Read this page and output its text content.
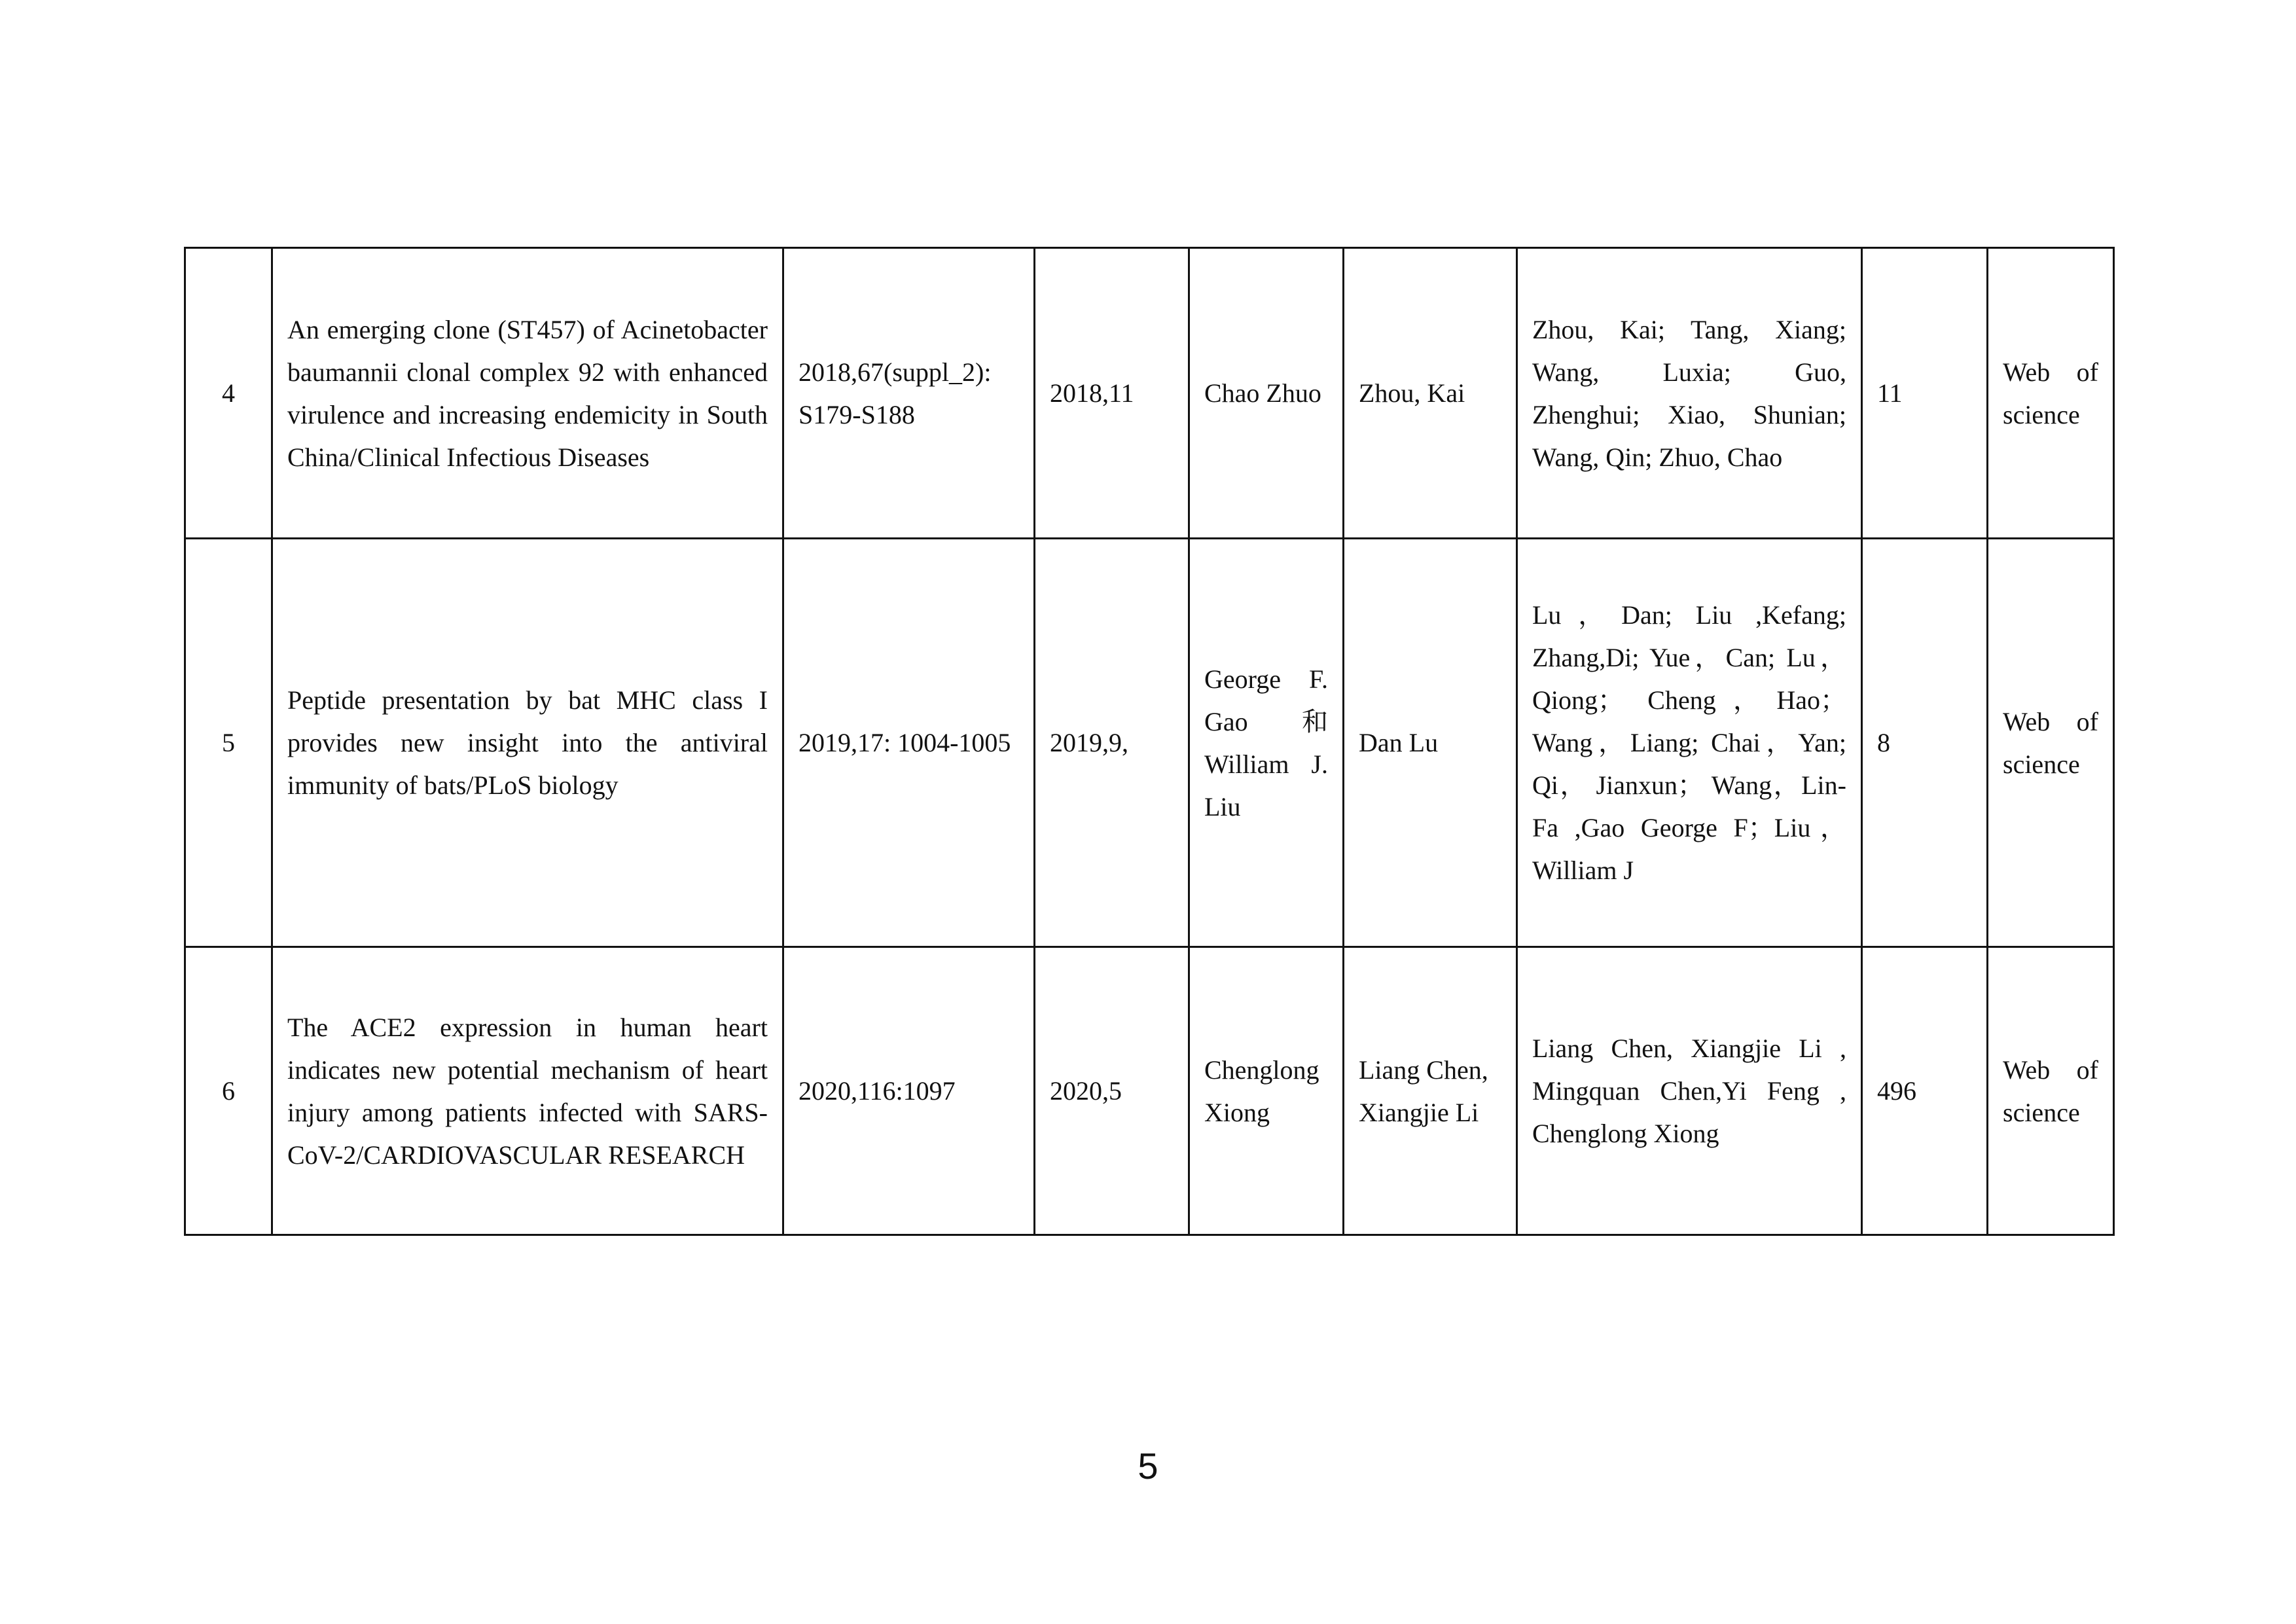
4	An emerging clone (ST457) of Acinetobacter baumannii clonal complex 92 with enhanced virulence and increasing endemicity in South China/Clinical Infectious Diseases	2018,67(suppl_2): S179-S188	2018,11	Chao Zhuo	Zhou, Kai	Zhou, Kai; Tang, Xiang; Wang, Luxia; Guo, Zhenghui; Xiao, Shunian; Wang, Qin; Zhuo, Chao	11	Web of science
5	Peptide presentation by bat MHC class I provides new insight into the antiviral immunity of bats/PLoS biology	2019,17: 1004-1005	2019,9,	George F. Gao 和 William J. Liu	Dan Lu	Lu，Dan; Liu ,Kefang; Zhang,Di; Yue，Can; Lu，Qiong； Cheng，Hao；Wang，Liang; Chai，Yan; Qi， Jianxun； Wang，Lin-Fa ,Gao George F；Liu，William J	8	Web of science
6	The ACE2 expression in human heart indicates new potential mechanism of heart injury among patients infected with SARS-CoV-2/CARDIOVASCULAR RESEARCH	2020,116:1097	2020,5	Chenglong Xiong	Liang Chen, Xiangjie Li	Liang Chen, Xiangjie Li , Mingquan Chen,Yi Feng , Chenglong Xiong	496	Web of science
5
